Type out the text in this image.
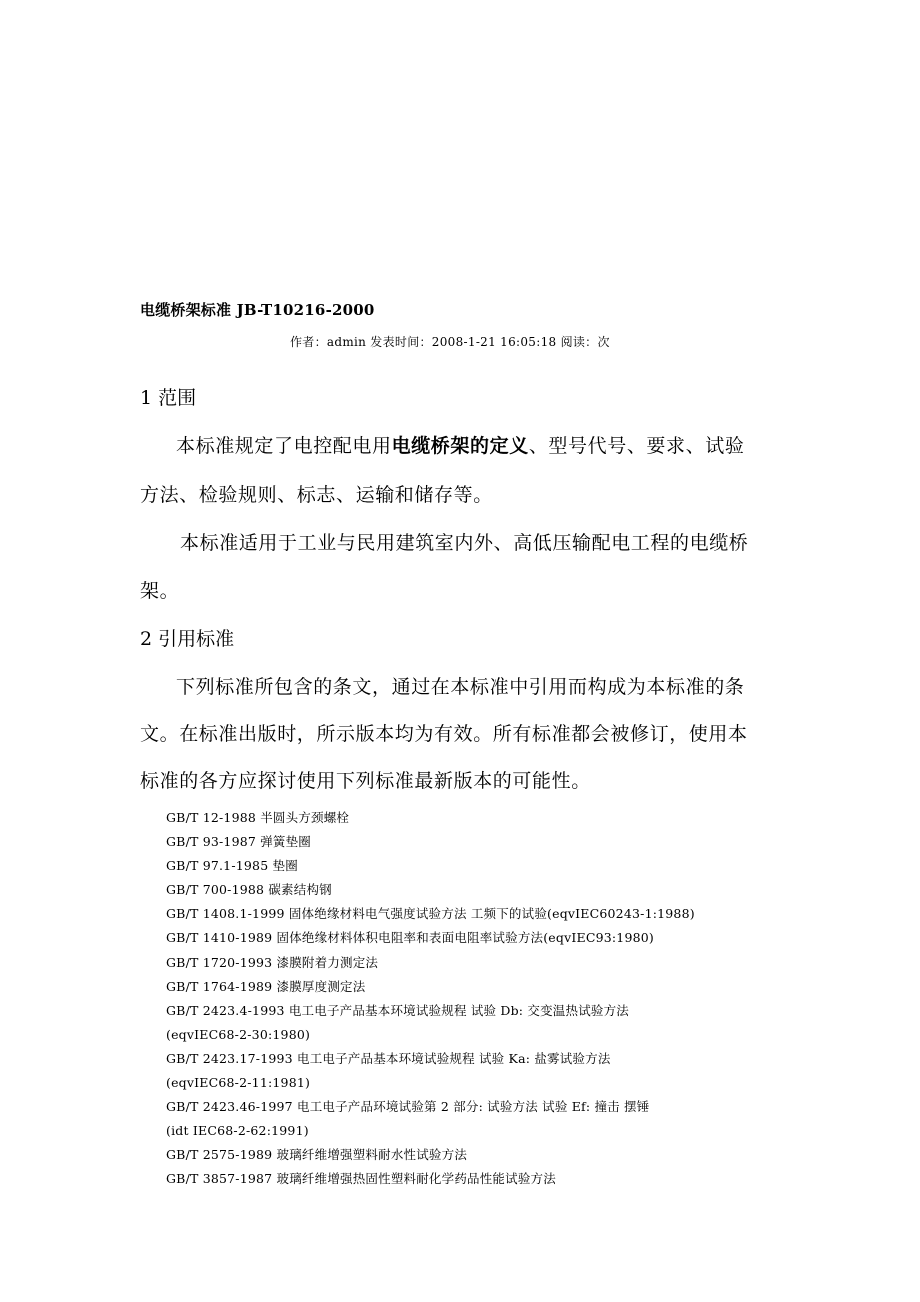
电缆桥架标准 JB-T10216-2000
作者：admin 发表时间：2008-1-21 16:05:18 阅读：次
1 范围
本标准规定了电控配电用电缆桥架的定义、型号代号、要求、试验
方法、检验规则、标志、运输和储存等。
本标准适用于工业与民用建筑室内外、高低压输配电工程的电缆桥
架。
2 引用标准
下列标准所包含的条文，通过在本标准中引用而构成为本标准的条
文。在标准出版时，所示版本均为有效。所有标准都会被修订，使用本
标准的各方应探讨使用下列标准最新版本的可能性。
GB/T 12-1988 半圆头方颈螺栓
GB/T 93-1987 弹簧垫圈
GB/T 97.1-1985 垫圈
GB/T 700-1988 碳素结构钢
GB/T 1408.1-1999 固体绝缘材料电气强度试验方法 工频下的试验(eqvIEC60243-1:1988)
GB/T 1410-1989 固体绝缘材料体积电阻率和表面电阻率试验方法(eqvIEC93:1980)
GB/T 1720-1993 漆膜附着力测定法
GB/T 1764-1989 漆膜厚度测定法
GB/T 2423.4-1993 电工电子产品基本环境试验规程 试验 Db: 交变温热试验方法
(eqvIEC68-2-30:1980)
GB/T 2423.17-1993 电工电子产品基本环境试验规程 试验 Ka: 盐雾试验方法
(eqvIEC68-2-11:1981)
GB/T 2423.46-1997 电工电子产品环境试验第 2 部分: 试验方法 试验 Ef: 撞击 摆锤
(idt IEC68-2-62:1991)
GB/T 2575-1989 玻璃纤维增强塑料耐水性试验方法
GB/T 3857-1987 玻璃纤维增强热固性塑料耐化学药品性能试验方法
